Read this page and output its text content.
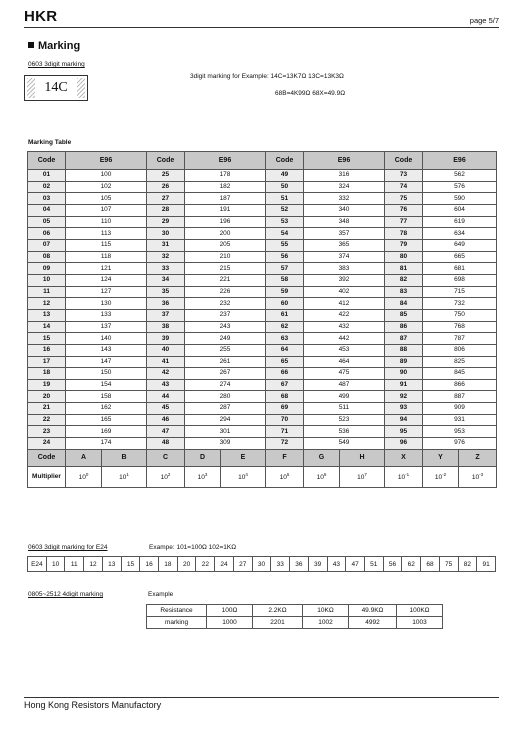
HKR	page 5/7
Marking
0603 3digit marking
14C
3digit marking for Example: 14C=13K7Ω 13C=13K3Ω
68B=4K99Ω 68X=49.9Ω
Marking Table
Code	E96		Code	E96		Code	E96		Code	E96	
01	100		25	178		49	316		73	562	
02	102		26	182		50	324		74	576	
03	105		27	187		51	332		75	590	
04	107		28	191		52	340		76	604	
05	110		29	196		53	348		77	619	
06	113		30	200		54	357		78	634	
07	115		31	205		55	365		79	649	
08	118		32	210		56	374		80	665	
09	121		33	215		57	383		81	681	
10	124		34	221		58	392		82	698	
11	127		35	226		59	402		83	715	
12	130		36	232		60	412		84	732	
13	133		37	237		61	422		85	750	
14	137		38	243		62	432		86	768	
15	140		39	249		63	442		87	787	
16	143		40	255		64	453		88	806	
17	147		41	261		65	464		89	825	
18	150		42	267		66	475		90	845	
19	154		43	274		67	487		91	866	
20	158		44	280		68	499		92	887	
21	162		45	287		69	511		93	909	
22	165		46	294		70	523		94	931	
23	169		47	301		71	536		95	953	
24	174		48	309		72	549		96	976	
Code	A	B	C	D	E	F	G	H	X	Y	Z
Multiplier	$10^0$	$10^1$	$10^2$	$10^3$	$10^4$	$10^5$	$10^6$	$10^7$	$10^{-1}$	$10^{-2}$	$10^{-3}$
0603 3digit marking for E24	Exampe: 101=100Ω 102=1KΩ
E24	10	11	12	13	15	16	18	20	22	24	27	30	33	36	39	43	47	51	56	62	68	75	82	91
0805~2512 4digit marking	Example
Resistance	100Ω	2.2KΩ	10KΩ	49.9KΩ	100KΩ
marking	1000	2201	1002	4992	1003
Hong Kong Resistors Manufactory
